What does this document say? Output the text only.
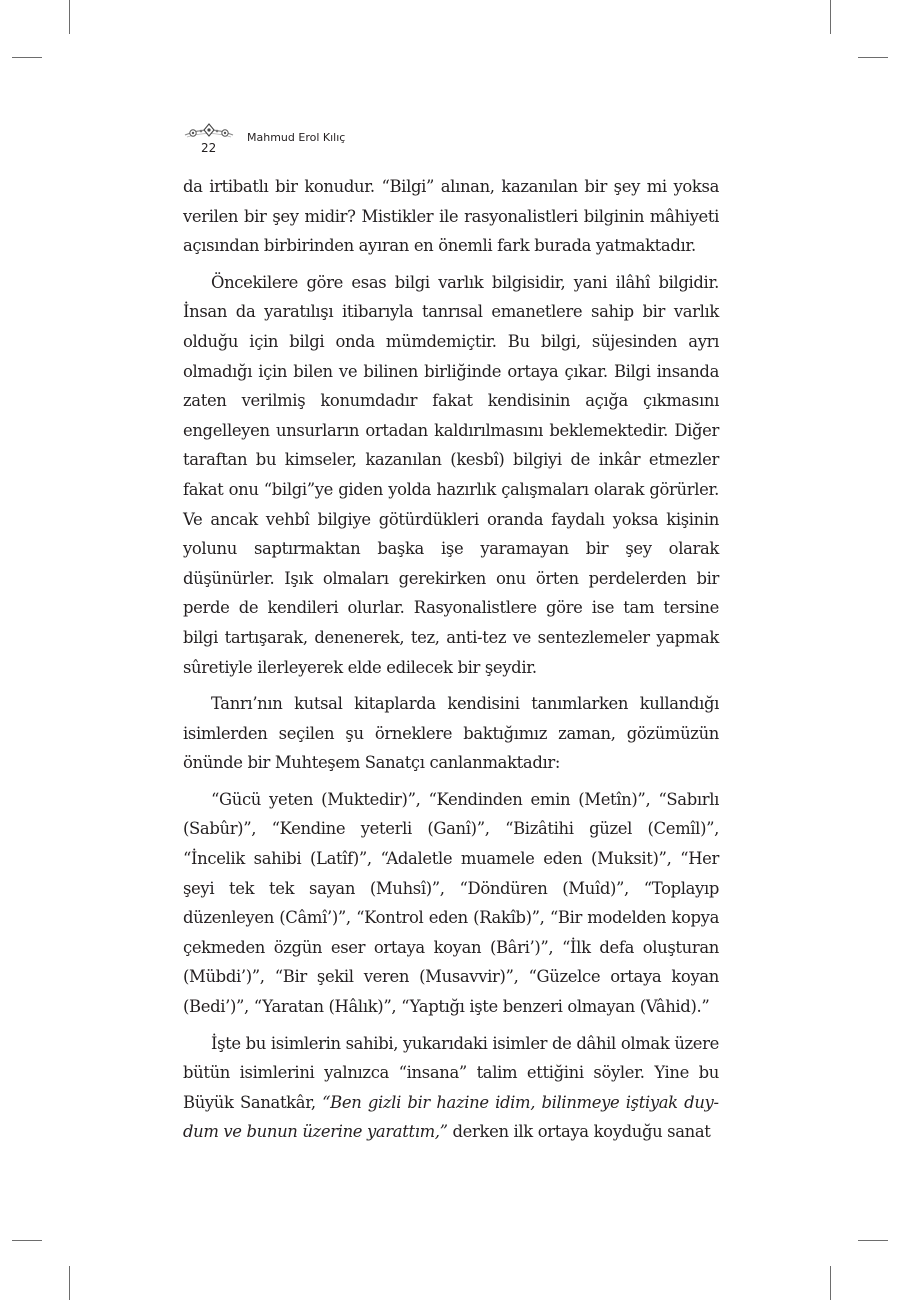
22
Mahmud Erol Kılıç

da irtibatlı bir konudur. “Bilgi” alınan, kazanılan bir şey mi yoksa verilen bir şey midir? Mistikler ile rasyonalistleri bilginin mâhiyeti açısından birbirinden ayıran en önemli fark burada yatmaktadır.

Öncekilere göre esas bilgi varlık bilgisidir, yani ilâhî bilgidir. İnsan da yaratılışı itibarıyla tanrısal emanetlere sahip bir varlık olduğu için bilgi onda mümdemiçtir. Bu bilgi, süjesinden ayrı olmadığı için bilen ve bilinen birliğinde ortaya çıkar. Bilgi insanda zaten verilmiş konumdadır fakat kendisinin açığa çıkmasını engelleyen unsurların ortadan kaldırılmasını beklemektedir. Diğer taraftan bu kimseler, kazanılan (kesbî) bilgiyi de inkâr etmezler fakat onu “bilgi”ye giden yolda hazırlık çalışmaları olarak görürler. Ve ancak vehbî bilgiye götürdükleri oranda faydalı yoksa kişinin yolunu saptırmaktan başka işe yaramayan bir şey olarak düşünürler. Işık olmaları gerekirken onu örten perdelerden bir perde de kendileri olurlar. Rasyonalistlere göre ise tam tersine bilgi tartışarak, denenerek, tez, anti-tez ve sentezlemeler yapmak sûretiyle ilerleyerek elde edilecek bir şeydir.

Tanrı’nın kutsal kitaplarda kendisini tanımlarken kullandığı isimlerden seçilen şu örneklere baktığımız zaman, gözümüzün önünde bir Muhteşem Sanatçı canlanmaktadır:

“Gücü yeten (Muktedir)”, “Kendinden emin (Metîn)”, “Sabırlı (Sabûr)”, “Kendine yeterli (Ganî)”, “Bizâtihi güzel (Cemîl)”, “İncelik sahibi (Latîf)”, “Adaletle muamele eden (Muksit)”, “Her şeyi tek tek sayan (Muhsî)”, “Döndüren (Muîd)”, “Toplayıp düzenleyen (Câmî’)”, “Kontrol eden (Rakîb)”, “Bir modelden kopya çekmeden özgün eser ortaya koyan (Bâri’)”, “İlk defa oluşturan (Mübdi’)”, “Bir şekil veren (Musavvir)”, “Güzelce ortaya koyan (Bedi’)”, “Yaratan (Hâlık)”, “Yaptığı işte benzeri olmayan (Vâhid).”

İşte bu isimlerin sahibi, yukarıdaki isimler de dâhil olmak üzere bütün isimlerini yalnızca “insana” talim ettiğini söyler. Yine bu Büyük Sanatkâr, “Ben gizli bir hazine idim, bilinmeye iştiyak duydum ve bunun üzerine yarattım,” derken ilk ortaya koyduğu sanat
